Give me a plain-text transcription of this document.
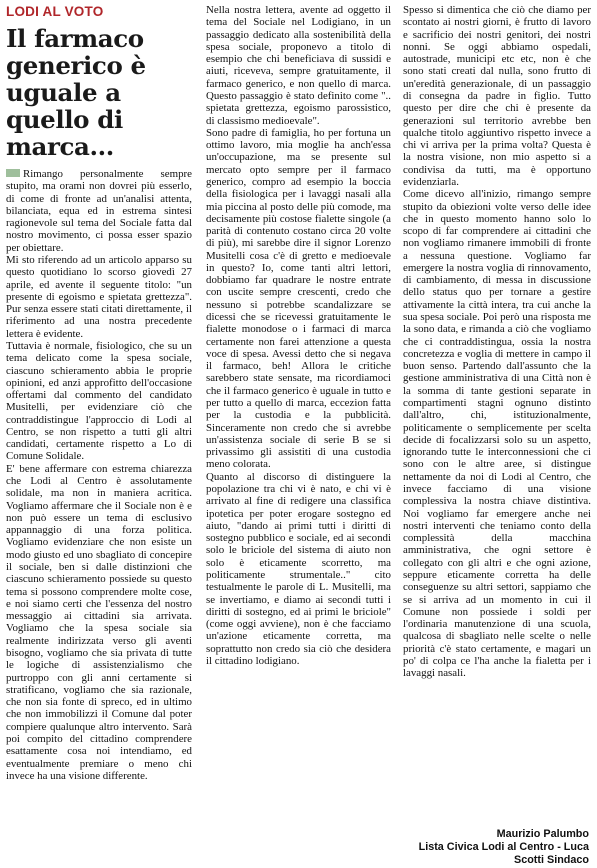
LODI AL VOTO
Il farmaco generico è uguale a quello di marca...

Rimango personalmente sempre stupito, ma orami non dovrei più esserlo, di come di fronte ad un'analisi attenta, bilanciata, equa ed in estrema sintesi ragionevole sul tema del Sociale fatta dal nostro movimento, ci possa esser spazio per obiettare.

Mi sto riferendo ad un articolo apparso su questo quotidiano lo scorso giovedì 27 aprile, ed avente il seguente titolo: "un presente di egoismo e spietata grettezza". Pur senza essere stati citati direttamente, il riferimento ad una nostra precedente lettera è evidente.

Tuttavia è normale, fisiologico, che su un tema delicato come la spesa sociale, ciascuno schieramento abbia le proprie opinioni, ed anzi approfitto dell'occasione offertami dal commento del candidato Musitelli, per evidenziare ciò che contraddistingue l'approccio di Lodi al Centro, se non rispetto a tutti gli altri candidati, certamente rispetto a Lo di Comune Solidale.

E' bene affermare con estrema chiarezza che Lodi al Centro è assolutamente solidale, ma non in maniera acritica. Vogliamo affermare che il Sociale non è e non può essere un tema di esclusivo appannaggio di una forza politica. Vogliamo evidenziare che non esiste un modo giusto ed uno sbagliato di concepire il sociale, ben si dalle distinzioni che ciascuno schieramento possiede su questo tema si possono comprendere molte cose, e noi siamo certi che l'essenza del nostro messaggio ai cittadini sia arrivata. Vogliamo che la spesa sociale sia realmente indirizzata verso gli aventi bisogno, vogliamo che sia privata di tutte le logiche di assistenzialismo che purtroppo con gli anni certamente si stratificano, vogliamo che sia razionale, che non sia fonte di spreco, ed in ultimo che non immobilizzi il Comune dal poter compiere qualunque altro intervento. Sarà poi compito del cittadino comprendere esattamente cosa noi intendiamo, ed eventualmente premiare o meno chi invece ha una visione differente.

Nella nostra lettera, avente ad oggetto il tema del Sociale nel Lodigiano, in un passaggio dedicato alla sostenibilità della spesa sociale, proponevo a titolo di esempio che chi beneficiava di sussidi e aiuti, riceveva, sempre gratuitamente, il farmaco generico, e non quello di marca. Questo passaggio è stato definito come ".. spietata grettezza, egoismo parossistico, di classismo medioevale".

Sono padre di famiglia, ho per fortuna un ottimo lavoro, mia moglie ha anch'essa un'occupazione, ma se presente sul mercato opto sempre per il farmaco generico, compro ad esempio la boccia della fisiologica per i lavaggi nasali alla mia piccina al posto delle più comode, ma decisamente più costose fialette singole (a parità di contenuto costano circa 20 volte di più), mi sarebbe dire il signor Lorenzo Musitelli cosa c'è di gretto e medioevale in questo? Io, come tanti altri lettori, dobbiamo far quadrare le nostre entrate con uscite sempre crescenti, credo che nessuno si potrebbe scandalizzare se dicessi che se ricevessi gratuitamente le fialette monodose o i farmaci di marca certamente non farei attenzione a questa voce di spesa. Avessi detto che si negava il farmaco, beh! Allora le critiche sarebbero state sensate, ma ricordiamoci che il farmaco generico è uguale in tutto e per tutto a quello di marca, eccezion fatta per la custodia e la pubblicità. Sinceramente non credo che si avrebbe un'assistenza sociale di serie B se si privassimo gli assistiti di una custodia meno colorata.

Quanto al discorso di distinguere la popolazione tra chi vi è nato, e chi vi è arrivato al fine di redigere una classifica ipotetica per poter erogare sostegno ed aiuto, "dando ai primi tutti i diritti di sostegno pubblico e sociale, ed ai secondi solo le briciole del sistema di aiuto non solo è eticamente scorretto, ma politicamente strumentale.." cito testualmente le parole di L. Musitelli, ma se invertiamo, e diamo ai secondi tutti i diritti di sostegno, ed ai primi le briciole" (come oggi avviene), non è che facciamo un'azione eticamente corretta, ma soprattutto non credo sia ciò che desidera il cittadino lodigiano.

Spesso si dimentica che ciò che diamo per scontato ai nostri giorni, è frutto di lavoro e sacrificio dei nostri genitori, dei nostri nonni. Se oggi abbiamo ospedali, autostrade, municipi etc etc, non è che sono stati creati dal nulla, sono frutto di un'eredità generazionale, di un passaggio di consegna da padre in figlio. Tutto questo per dire che chi è presente da generazioni sul territorio avrebbe ben qualche titolo aggiuntivo rispetto invece a chi vi arriva per la prima volta? Questa è la nostra visione, non mio aspetto si a condivisa da tutti, ma è opportuno evidenziarla.

Come dicevo all'inizio, rimango sempre stupito da obiezioni volte verso delle idee che in questo momento hanno solo lo scopo di far comprendere ai cittadini che non vogliamo rimanere immobili di fronte a nessuna questione. Vogliamo far emergere la nostra voglia di rinnovamento, di cambiamento, di messa in discussione dello status quo per tornare a gestire attivamente la città intera, tra cui anche la sua spesa sociale. Poi però una risposta me la sono data, e rimanda a ciò che vogliamo che ci contraddistingua, ossia la nostra concretezza e voglia di mettere in campo il buon senso. Partendo dall'assunto che la gestione amministrativa di una Città non è la somma di tante gestioni separate in compartimenti stagni ognuno distinto dall'altro, chi, istituzionalmente, politicamente o semplicemente per scelta decide di focalizzarsi solo su un aspetto, ignorando tutte le interconnessioni che ci sono con le altre aree, si distingue nettamente da noi di Lodi al Centro, che invece facciamo di una visione complessiva la nostra chiave distintiva. Noi vogliamo far emergere anche nei nostri interventi che teniamo conto della complessità della macchina amministrativa, che ogni settore è collegato con gli altri e che ogni azione, seppure eticamente corretta ha delle conseguenze su altri settori, sappiamo che se si arriva ad un momento in cui il Comune non possiede i soldi per l'ordinaria manutenzione di una scuola, qualcosa di sbagliato nelle scelte o nelle priorità c'è stato certamente, e magari un po' di colpa ce l'ha anche la fialetta per i lavaggi nasali.

Maurizio Palumbo
Lista Civica Lodi al Centro - Luca
Scotti Sindaco
